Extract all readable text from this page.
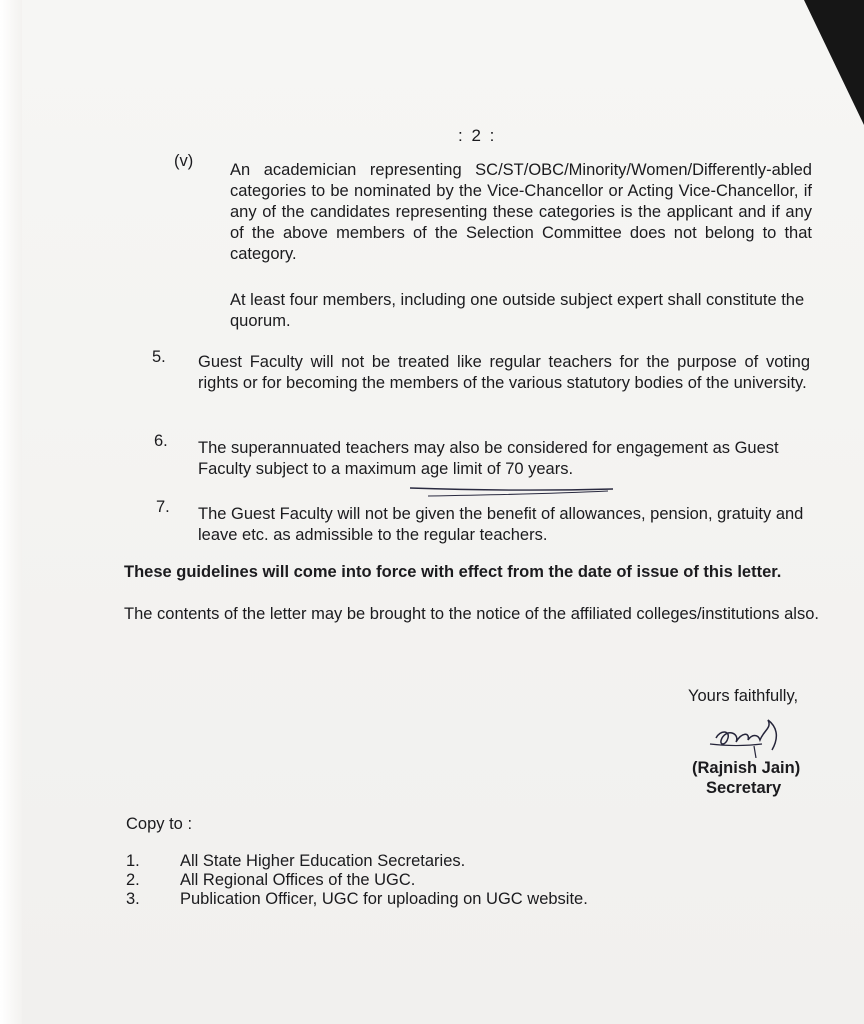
: 2 :
(v) An academician representing SC/ST/OBC/Minority/Women/Differently-abled categories to be nominated by the Vice-Chancellor or Acting Vice-Chancellor, if any of the candidates representing these categories is the applicant and if any of the above members of the Selection Committee does not belong to that category.
At least four members, including one outside subject expert shall constitute the quorum.
5. Guest Faculty will not be treated like regular teachers for the purpose of voting rights or for becoming the members of the various statutory bodies of the university.
6. The superannuated teachers may also be considered for engagement as Guest Faculty subject to a maximum age limit of 70 years.
7. The Guest Faculty will not be given the benefit of allowances, pension, gratuity and leave etc. as admissible to the regular teachers.
These guidelines will come into force with effect from the date of issue of this letter.
The contents of the letter may be brought to the notice of the affiliated colleges/institutions also.
Yours faithfully,
(Rajnish Jain)
Secretary
Copy to :
1.	All State Higher Education Secretaries.
2.	All Regional Offices of the UGC.
3.	Publication Officer, UGC for uploading on UGC website.
